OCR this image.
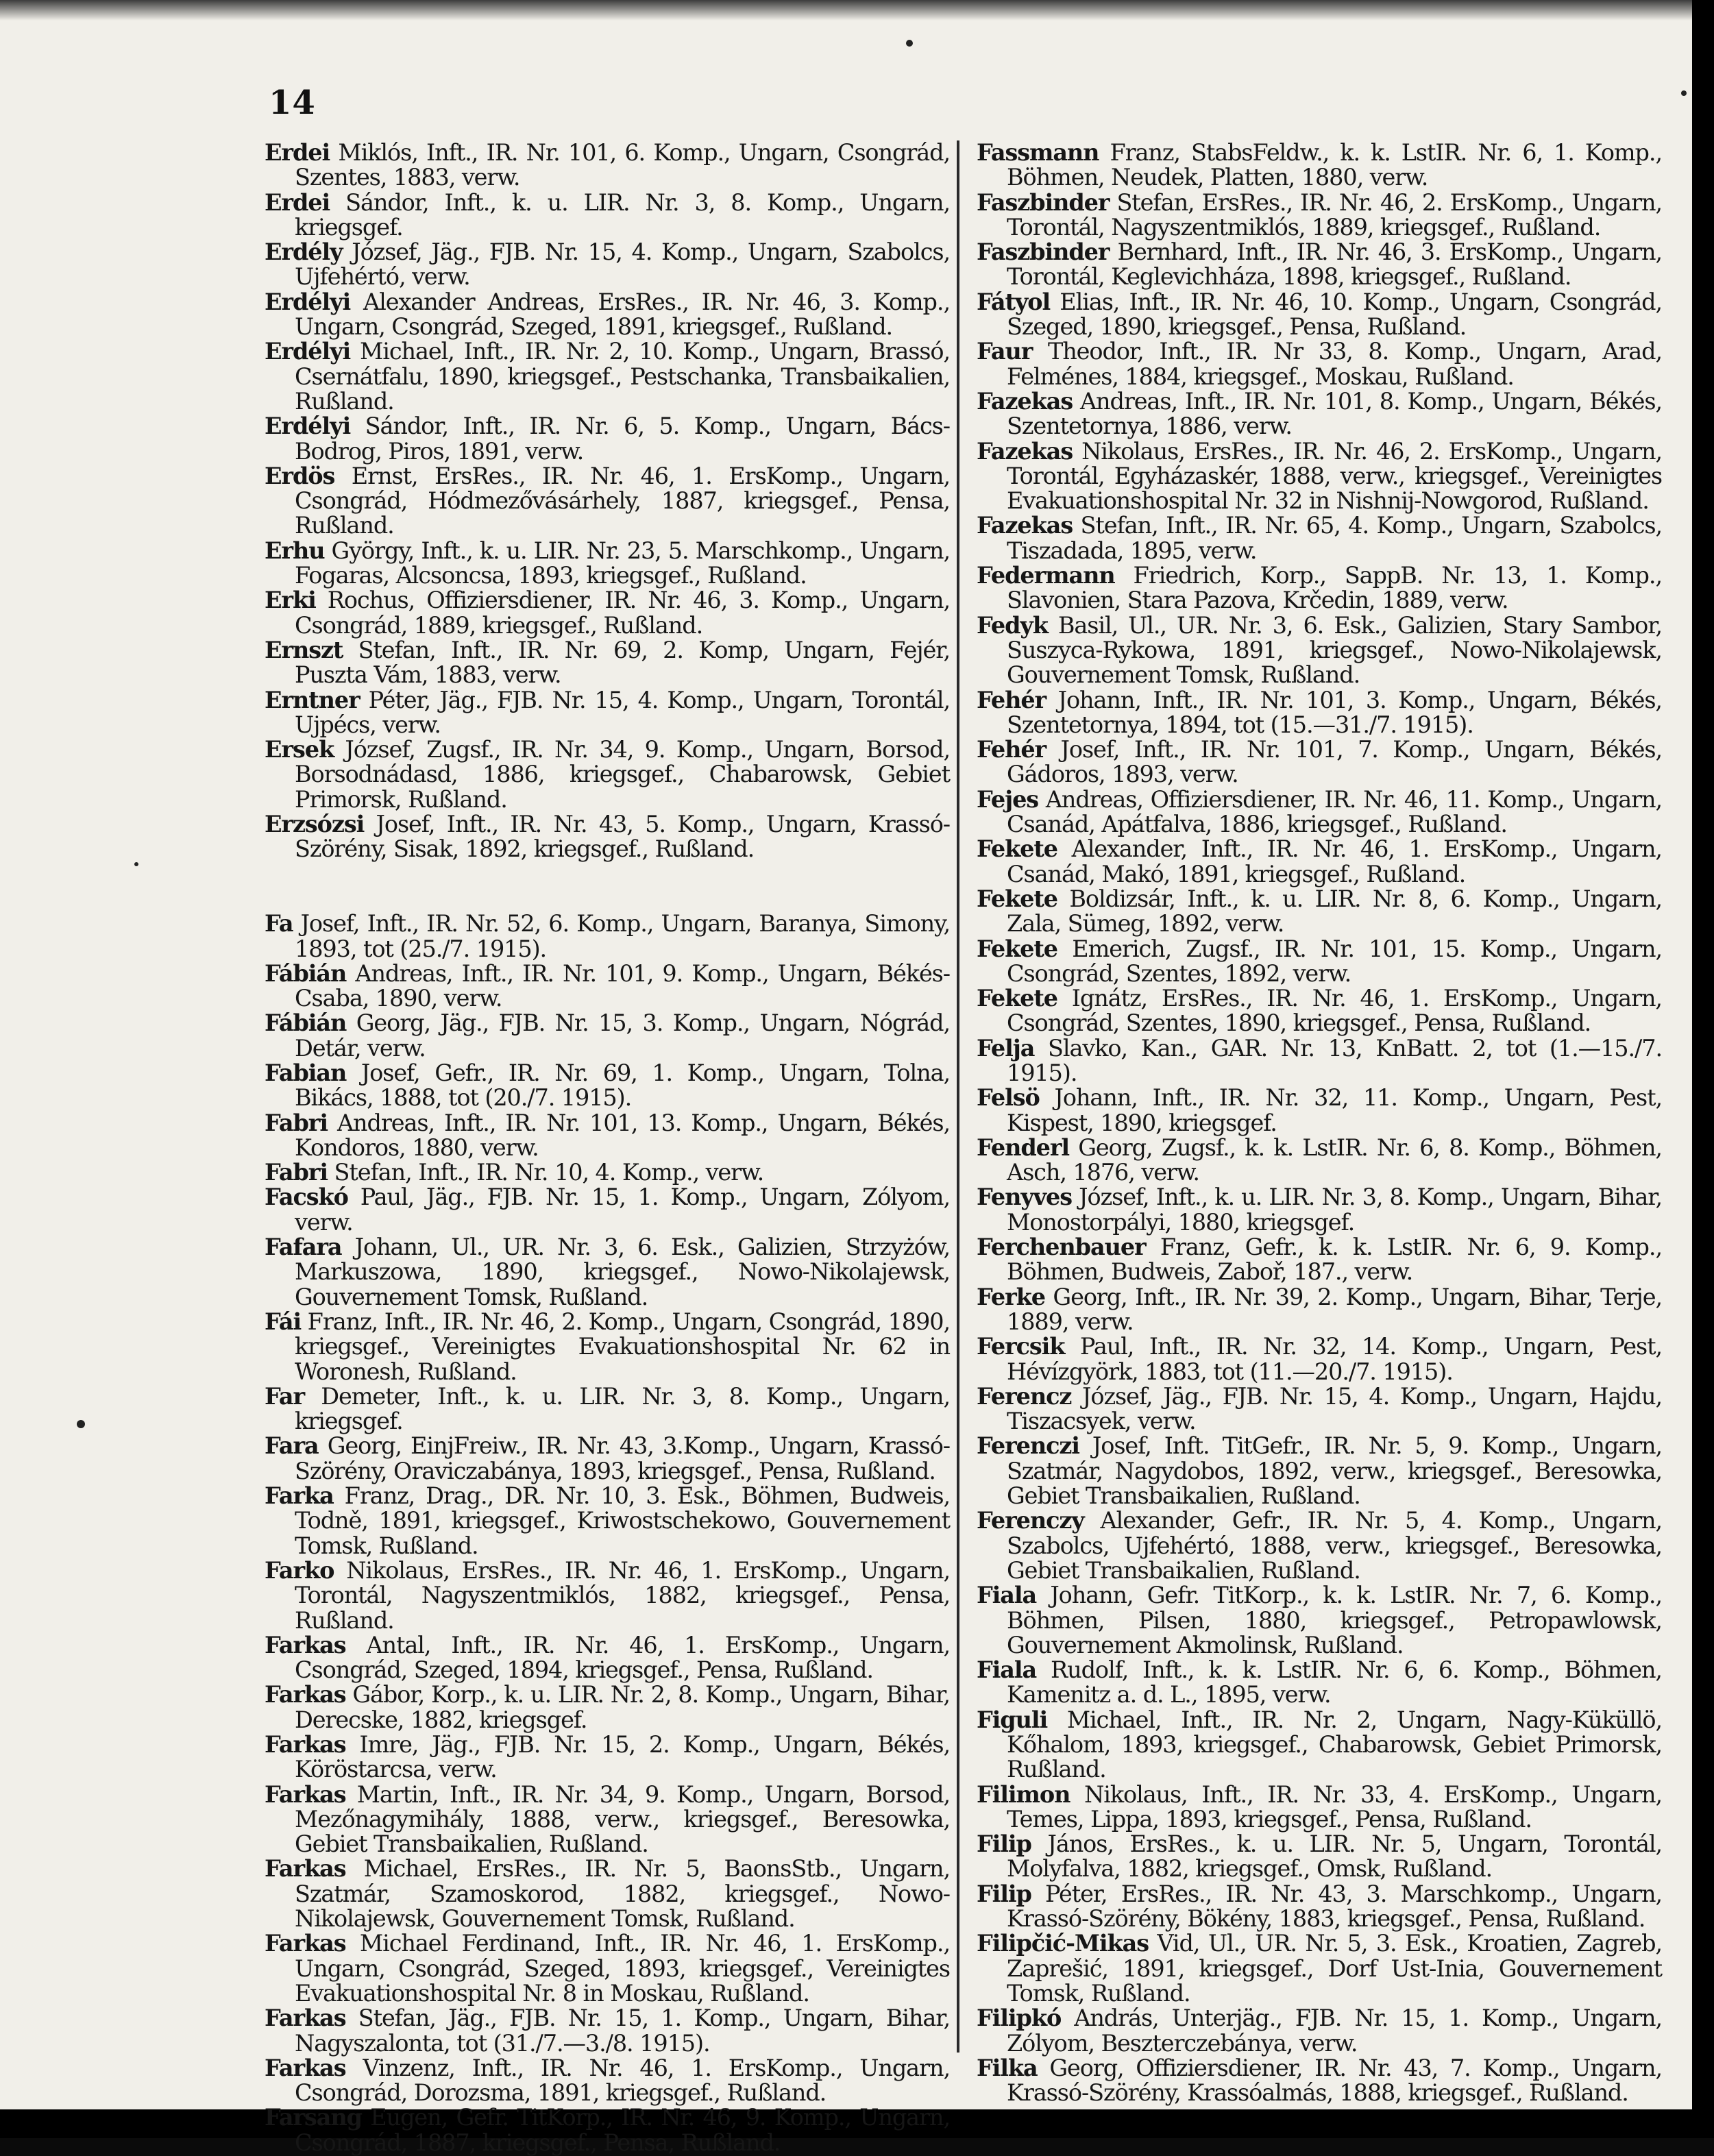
14

Erdei Miklós, Inft., IR. Nr. 101, 6. Komp., Ungarn, Csongrád, Szentes, 1883, verw.

Erdei Sándor, Inft., k. u. LIR. Nr. 3, 8. Komp., Ungarn, kriegsgef.

Erdély József, Jäg., FJB. Nr. 15, 4. Komp., Ungarn, Szabolcs, Ujfehértó, verw.

Erdélyi Alexander Andreas, ErsRes., IR. Nr. 46, 3. Komp., Ungarn, Csongrád, Szeged, 1891, kriegsgef., Rußland.

Erdélyi Michael, Inft., IR. Nr. 2, 10. Komp., Ungarn, Brassó, Csernátfalu, 1890, kriegsgef., Pestschanka, Transbaikalien, Rußland.

Erdélyi Sándor, Inft., IR. Nr. 6, 5. Komp., Ungarn, Bács-Bodrog, Piros, 1891, verw.

Erdös Ernst, ErsRes., IR. Nr. 46, 1. ErsKomp., Ungarn, Csongrád, Hódmezővásárhely, 1887, kriegsgef., Pensa, Rußland.

Erhu György, Inft., k. u. LIR. Nr. 23, 5. Marschkomp., Ungarn, Fogaras, Alcsoncsa, 1893, kriegsgef., Rußland.

Erki Rochus, Offiziersdiener, IR. Nr. 46, 3. Komp., Ungarn, Csongrád, 1889, kriegsgef., Rußland.

Ernszt Stefan, Inft., IR. Nr. 69, 2. Komp, Ungarn, Fejér, Puszta Vám, 1883, verw.

Erntner Péter, Jäg., FJB. Nr. 15, 4. Komp., Ungarn, Torontál, Ujpécs, verw.

Ersek József, Zugsf., IR. Nr. 34, 9. Komp., Ungarn, Borsod, Borsodnádasd, 1886, kriegsgef., Chabarowsk, Gebiet Primorsk, Rußland.

Erzsózsi Josef, Inft., IR. Nr. 43, 5. Komp., Ungarn, Krassó-Szörény, Sisak, 1892, kriegsgef., Rußland.

Fa Josef, Inft., IR. Nr. 52, 6. Komp., Ungarn, Baranya, Simony, 1893, tot (25./7. 1915).

Fábián Andreas, Inft., IR. Nr. 101, 9. Komp., Ungarn, Békés-Csaba, 1890, verw.

Fábián Georg, Jäg., FJB. Nr. 15, 3. Komp., Ungarn, Nógrád, Detár, verw.

Fabian Josef, Gefr., IR. Nr. 69, 1. Komp., Ungarn, Tolna, Bikács, 1888, tot (20./7. 1915).

Fabri Andreas, Inft., IR. Nr. 101, 13. Komp., Ungarn, Békés, Kondoros, 1880, verw.

Fabri Stefan, Inft., IR. Nr. 10, 4. Komp., verw.

Facskó Paul, Jäg., FJB. Nr. 15, 1. Komp., Ungarn, Zólyom, verw.

Fafara Johann, Ul., UR. Nr. 3, 6. Esk., Galizien, Strzyżów, Markuszowa, 1890, kriegsgef., Nowo-Nikolajewsk, Gouvernement Tomsk, Rußland.

Fái Franz, Inft., IR. Nr. 46, 2. Komp., Ungarn, Csongrád, 1890, kriegsgef., Vereinigtes Evakuationshospital Nr. 62 in Woronesh, Rußland.

Far Demeter, Inft., k. u. LIR. Nr. 3, 8. Komp., Ungarn, kriegsgef.

Fara Georg, EinjFreiw., IR. Nr. 43, 3.Komp., Ungarn, Krassó-Szörény, Oraviczabánya, 1893, kriegsgef., Pensa, Rußland.

Farka Franz, Drag., DR. Nr. 10, 3. Esk., Böhmen, Budweis, Todně, 1891, kriegsgef., Kriwostschekowo, Gouvernement Tomsk, Rußland.

Farko Nikolaus, ErsRes., IR. Nr. 46, 1. ErsKomp., Ungarn, Torontál, Nagyszentmiklós, 1882, kriegsgef., Pensa, Rußland.

Farkas Antal, Inft., IR. Nr. 46, 1. ErsKomp., Ungarn, Csongrád, Szeged, 1894, kriegsgef., Pensa, Rußland.

Farkas Gábor, Korp., k. u. LIR. Nr. 2, 8. Komp., Ungarn, Bihar, Derecske, 1882, kriegsgef.

Farkas Imre, Jäg., FJB. Nr. 15, 2. Komp., Ungarn, Békés, Köröstarcsa, verw.

Farkas Martin, Inft., IR. Nr. 34, 9. Komp., Ungarn, Borsod, Mezőnagymihály, 1888, verw., kriegsgef., Beresowka, Gebiet Transbaikalien, Rußland.

Farkas Michael, ErsRes., IR. Nr. 5, BaonsStb., Ungarn, Szatmár, Szamoskorod, 1882, kriegsgef., Nowo-Nikolajewsk, Gouvernement Tomsk, Rußland.

Farkas Michael Ferdinand, Inft., IR. Nr. 46, 1. ErsKomp., Ungarn, Csongrád, Szeged, 1893, kriegsgef., Vereinigtes Evakuationshospital Nr. 8 in Moskau, Rußland.

Farkas Stefan, Jäg., FJB. Nr. 15, 1. Komp., Ungarn, Bihar, Nagyszalonta, tot (31./7.—3./8. 1915).

Farkas Vinzenz, Inft., IR. Nr. 46, 1. ErsKomp., Ungarn, Csongrád, Dorozsma, 1891, kriegsgef., Rußland.

Farsang Eugen, Gefr. TitKorp., IR. Nr. 46, 9. Komp., Ungarn, Csongrád, 1887, kriegsgef., Pensa, Rußland.

Fassmann Franz, StabsFeldw., k. k. LstIR. Nr. 6, 1. Komp., Böhmen, Neudek, Platten, 1880, verw.

Faszbinder Stefan, ErsRes., IR. Nr. 46, 2. ErsKomp., Ungarn, Torontál, Nagyszentmiklós, 1889, kriegsgef., Rußland.

Faszbinder Bernhard, Inft., IR. Nr. 46, 3. ErsKomp., Ungarn, Torontál, Keglevichháza, 1898, kriegsgef., Rußland.

Fátyol Elias, Inft., IR. Nr. 46, 10. Komp., Ungarn, Csongrád, Szeged, 1890, kriegsgef., Pensa, Rußland.

Faur Theodor, Inft., IR. Nr 33, 8. Komp., Ungarn, Arad, Felménes, 1884, kriegsgef., Moskau, Rußland.

Fazekas Andreas, Inft., IR. Nr. 101, 8. Komp., Ungarn, Békés, Szentetornya, 1886, verw.

Fazekas Nikolaus, ErsRes., IR. Nr. 46, 2. ErsKomp., Ungarn, Torontál, Egyházaskér, 1888, verw., kriegsgef., Vereinigtes Evakuationshospital Nr. 32 in Nishnij-Nowgorod, Rußland.

Fazekas Stefan, Inft., IR. Nr. 65, 4. Komp., Ungarn, Szabolcs, Tiszadada, 1895, verw.

Federmann Friedrich, Korp., SappB. Nr. 13, 1. Komp., Slavonien, Stara Pazova, Krčedin, 1889, verw.

Fedyk Basil, Ul., UR. Nr. 3, 6. Esk., Galizien, Stary Sambor, Suszyca-Rykowa, 1891, kriegsgef., Nowo-Nikolajewsk, Gouvernement Tomsk, Rußland.

Fehér Johann, Inft., IR. Nr. 101, 3. Komp., Ungarn, Békés, Szentetornya, 1894, tot (15.—31./7. 1915).

Fehér Josef, Inft., IR. Nr. 101, 7. Komp., Ungarn, Békés, Gádoros, 1893, verw.

Fejes Andreas, Offiziersdiener, IR. Nr. 46, 11. Komp., Ungarn, Csanád, Apátfalva, 1886, kriegsgef., Rußland.

Fekete Alexander, Inft., IR. Nr. 46, 1. ErsKomp., Ungarn, Csanád, Makó, 1891, kriegsgef., Rußland.

Fekete Boldizsár, Inft., k. u. LIR. Nr. 8, 6. Komp., Ungarn, Zala, Sümeg, 1892, verw.

Fekete Emerich, Zugsf., IR. Nr. 101, 15. Komp., Ungarn, Csongrád, Szentes, 1892, verw.

Fekete Ignátz, ErsRes., IR. Nr. 46, 1. ErsKomp., Ungarn, Csongrád, Szentes, 1890, kriegsgef., Pensa, Rußland.

Felja Slavko, Kan., GAR. Nr. 13, KnBatt. 2, tot (1.—15./7. 1915).

Felsö Johann, Inft., IR. Nr. 32, 11. Komp., Ungarn, Pest, Kispest, 1890, kriegsgef.

Fenderl Georg, Zugsf., k. k. LstIR. Nr. 6, 8. Komp., Böhmen, Asch, 1876, verw.

Fenyves József, Inft., k. u. LIR. Nr. 3, 8. Komp., Ungarn, Bihar, Monostorpályi, 1880, kriegsgef.

Ferchenbauer Franz, Gefr., k. k. LstIR. Nr. 6, 9. Komp., Böhmen, Budweis, Zaboř, 187., verw.

Ferke Georg, Inft., IR. Nr. 39, 2. Komp., Ungarn, Bihar, Terje, 1889, verw.

Fercsik Paul, Inft., IR. Nr. 32, 14. Komp., Ungarn, Pest, Hévízgyörk, 1883, tot (11.—20./7. 1915).

Ferencz József, Jäg., FJB. Nr. 15, 4. Komp., Ungarn, Hajdu, Tiszacsyek, verw.

Ferenczi Josef, Inft. TitGefr., IR. Nr. 5, 9. Komp., Ungarn, Szatmár, Nagydobos, 1892, verw., kriegsgef., Beresowka, Gebiet Transbaikalien, Rußland.

Ferenczy Alexander, Gefr., IR. Nr. 5, 4. Komp., Ungarn, Szabolcs, Ujfehértó, 1888, verw., kriegsgef., Beresowka, Gebiet Transbaikalien, Rußland.

Fiala Johann, Gefr. TitKorp., k. k. LstIR. Nr. 7, 6. Komp., Böhmen, Pilsen, 1880, kriegsgef., Petropawlowsk, Gouvernement Akmolinsk, Rußland.

Fiala Rudolf, Inft., k. k. LstIR. Nr. 6, 6. Komp., Böhmen, Kamenitz a. d. L., 1895, verw.

Figuli Michael, Inft., IR. Nr. 2, Ungarn, Nagy-Küküllö, Kőhalom, 1893, kriegsgef., Chabarowsk, Gebiet Primorsk, Rußland.

Filimon Nikolaus, Inft., IR. Nr. 33, 4. ErsKomp., Ungarn, Temes, Lippa, 1893, kriegsgef., Pensa, Rußland.

Filip János, ErsRes., k. u. LIR. Nr. 5, Ungarn, Torontál, Molyfalva, 1882, kriegsgef., Omsk, Rußland.

Filip Péter, ErsRes., IR. Nr. 43, 3. Marschkomp., Ungarn, Krassó-Szörény, Bökény, 1883, kriegsgef., Pensa, Rußland.

Filipčić-Mikas Vid, Ul., UR. Nr. 5, 3. Esk., Kroatien, Zagreb, Zaprešić, 1891, kriegsgef., Dorf Ust-Inia, Gouvernement Tomsk, Rußland.

Filipkó András, Unterjäg., FJB. Nr. 15, 1. Komp., Ungarn, Zólyom, Beszterczebánya, verw.

Filka Georg, Offiziersdiener, IR. Nr. 43, 7. Komp., Ungarn, Krassó-Szörény, Krassóalmás, 1888, kriegsgef., Rußland.
